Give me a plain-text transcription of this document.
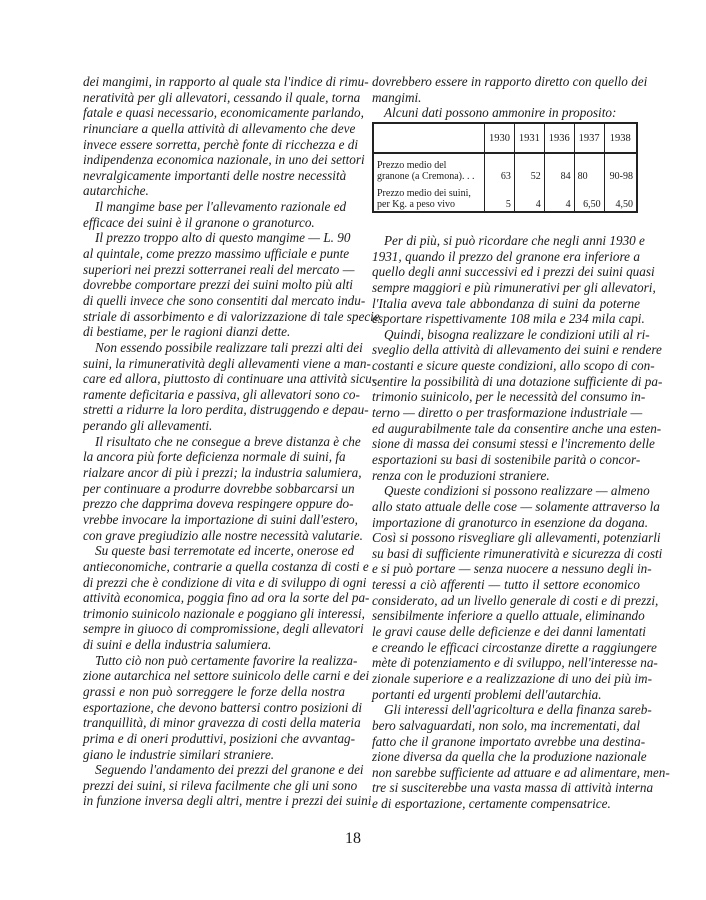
dei mangimi, in rapporto al quale sta l'indice di rimu-
neratività per gli allevatori, cessando il quale, torna
fatale e quasi necessario, economicamente parlando,
rinunciare a quella attività di allevamento che deve
invece essere sorretta, perchè fonte di ricchezza e di
indipendenza economica nazionale, in uno dei settori
nevralgicamente importanti delle nostre necessità
autarchiche.
Il mangime base per l'allevamento razionale ed
efficace dei suini è il granone o granoturco.
Il prezzo troppo alto di questo mangime — L. 90
al quintale, come prezzo massimo ufficiale e punte
superiori nei prezzi sotterranei reali del mercato —
dovrebbe comportare prezzi dei suini molto più alti
di quelli invece che sono consentiti dal mercato indu-
striale di assorbimento e di valorizzazione di tale specie
di bestiame, per le ragioni dianzi dette.
Non essendo possibile realizzare tali prezzi alti dei
suini, la rimuneratività degli allevamenti viene a man-
care ed allora, piuttosto di continuare una attività sicu-
ramente deficitaria e passiva, gli allevatori sono co-
stretti a ridurre la loro perdita, distruggendo e depau-
perando gli allevamenti.
Il risultato che ne consegue a breve distanza è che
la ancora più forte deficienza normale di suini, fa
rialzare ancor di più i prezzi; la industria salumiera,
per continuare a produrre dovrebbe sobbarcarsi un
prezzo che dapprima doveva respingere oppure do-
vrebbe invocare la importazione di suini dall'estero,
con grave pregiudizio alle nostre necessità valutarie.
Su queste basi terremotate ed incerte, onerose ed
antieconomiche, contrarie a quella costanza di costi e
di prezzi che è condizione di vita e di sviluppo di ogni
attività economica, poggia fino ad ora la sorte del pa-
trimonio suinicolo nazionale e poggiano gli interessi,
sempre in giuoco di compromissione, degli allevatori
di suini e della industria salumiera.
Tutto ciò non può certamente favorire la realizza-
zione autarchica nel settore suinicolo delle carni e dei
grassi e non può sorreggere le forze della nostra
esportazione, che devono battersi contro posizioni di
tranquillità, di minor gravezza di costi della materia
prima e di oneri produttivi, posizioni che avvantag-
giano le industrie similari straniere.
Seguendo l'andamento dei prezzi del granone e dei
prezzi dei suini, si rileva facilmente che gli uni sono
in funzione inversa degli altri, mentre i prezzi dei suini
dovrebbero essere in rapporto diretto con quello dei
mangimi.
Alcuni dati possono ammonire in proposito:
	1930	1931	1936	1937	1938
Prezzo medio del granone (a Cremona). . .	63	52	84	80	90-98
Prezzo medio dei suini, per Kg. a peso vivo	5	4	4	6,50	4,50
Per di più, si può ricordare che negli anni 1930 e
1931, quando il prezzo del granone era inferiore a
quello degli anni successivi ed i prezzi dei suini quasi
sempre maggiori e più rimunerativi per gli allevatori,
l'Italia aveva tale abbondanza di suini da poterne
esportare rispettivamente 108 mila e 234 mila capi.
Quindi, bisogna realizzare le condizioni utili al ri-
sveglio della attività di allevamento dei suini e rendere
costanti e sicure queste condizioni, allo scopo di con-
sentire la possibilità di una dotazione sufficiente di pa-
trimonio suinicolo, per le necessità del consumo in-
terno — diretto o per trasformazione industriale —
ed augurabilmente tale da consentire anche una esten-
sione di massa dei consumi stessi e l'incremento delle
esportazioni su basi di sostenibile parità o concor-
renza con le produzioni straniere.
Queste condizioni si possono realizzare — almeno
allo stato attuale delle cose — solamente attraverso la
importazione di granoturco in esenzione da dogana.
Così si possono risvegliare gli allevamenti, potenziarli
su basi di sufficiente rimuneratività e sicurezza di costi
e si può portare — senza nuocere a nessuno degli in-
teressi a ciò afferenti — tutto il settore economico
considerato, ad un livello generale di costi e di prezzi,
sensibilmente inferiore a quello attuale, eliminando
le gravi cause delle deficienze e dei danni lamentati
e creando le efficaci circostanze dirette a raggiungere
mète di potenziamento e di sviluppo, nell'interesse na-
zionale superiore e a realizzazione di uno dei più im-
portanti ed urgenti problemi dell'autarchia.
Gli interessi dell'agricoltura e della finanza sareb-
bero salvaguardati, non solo, ma incrementati, dal
fatto che il granone importato avrebbe una destina-
zione diversa da quella che la produzione nazionale
non sarebbe sufficiente ad attuare e ad alimentare, men-
tre si susciterebbe una vasta massa di attività interna
e di esportazione, certamente compensatrice.
18
